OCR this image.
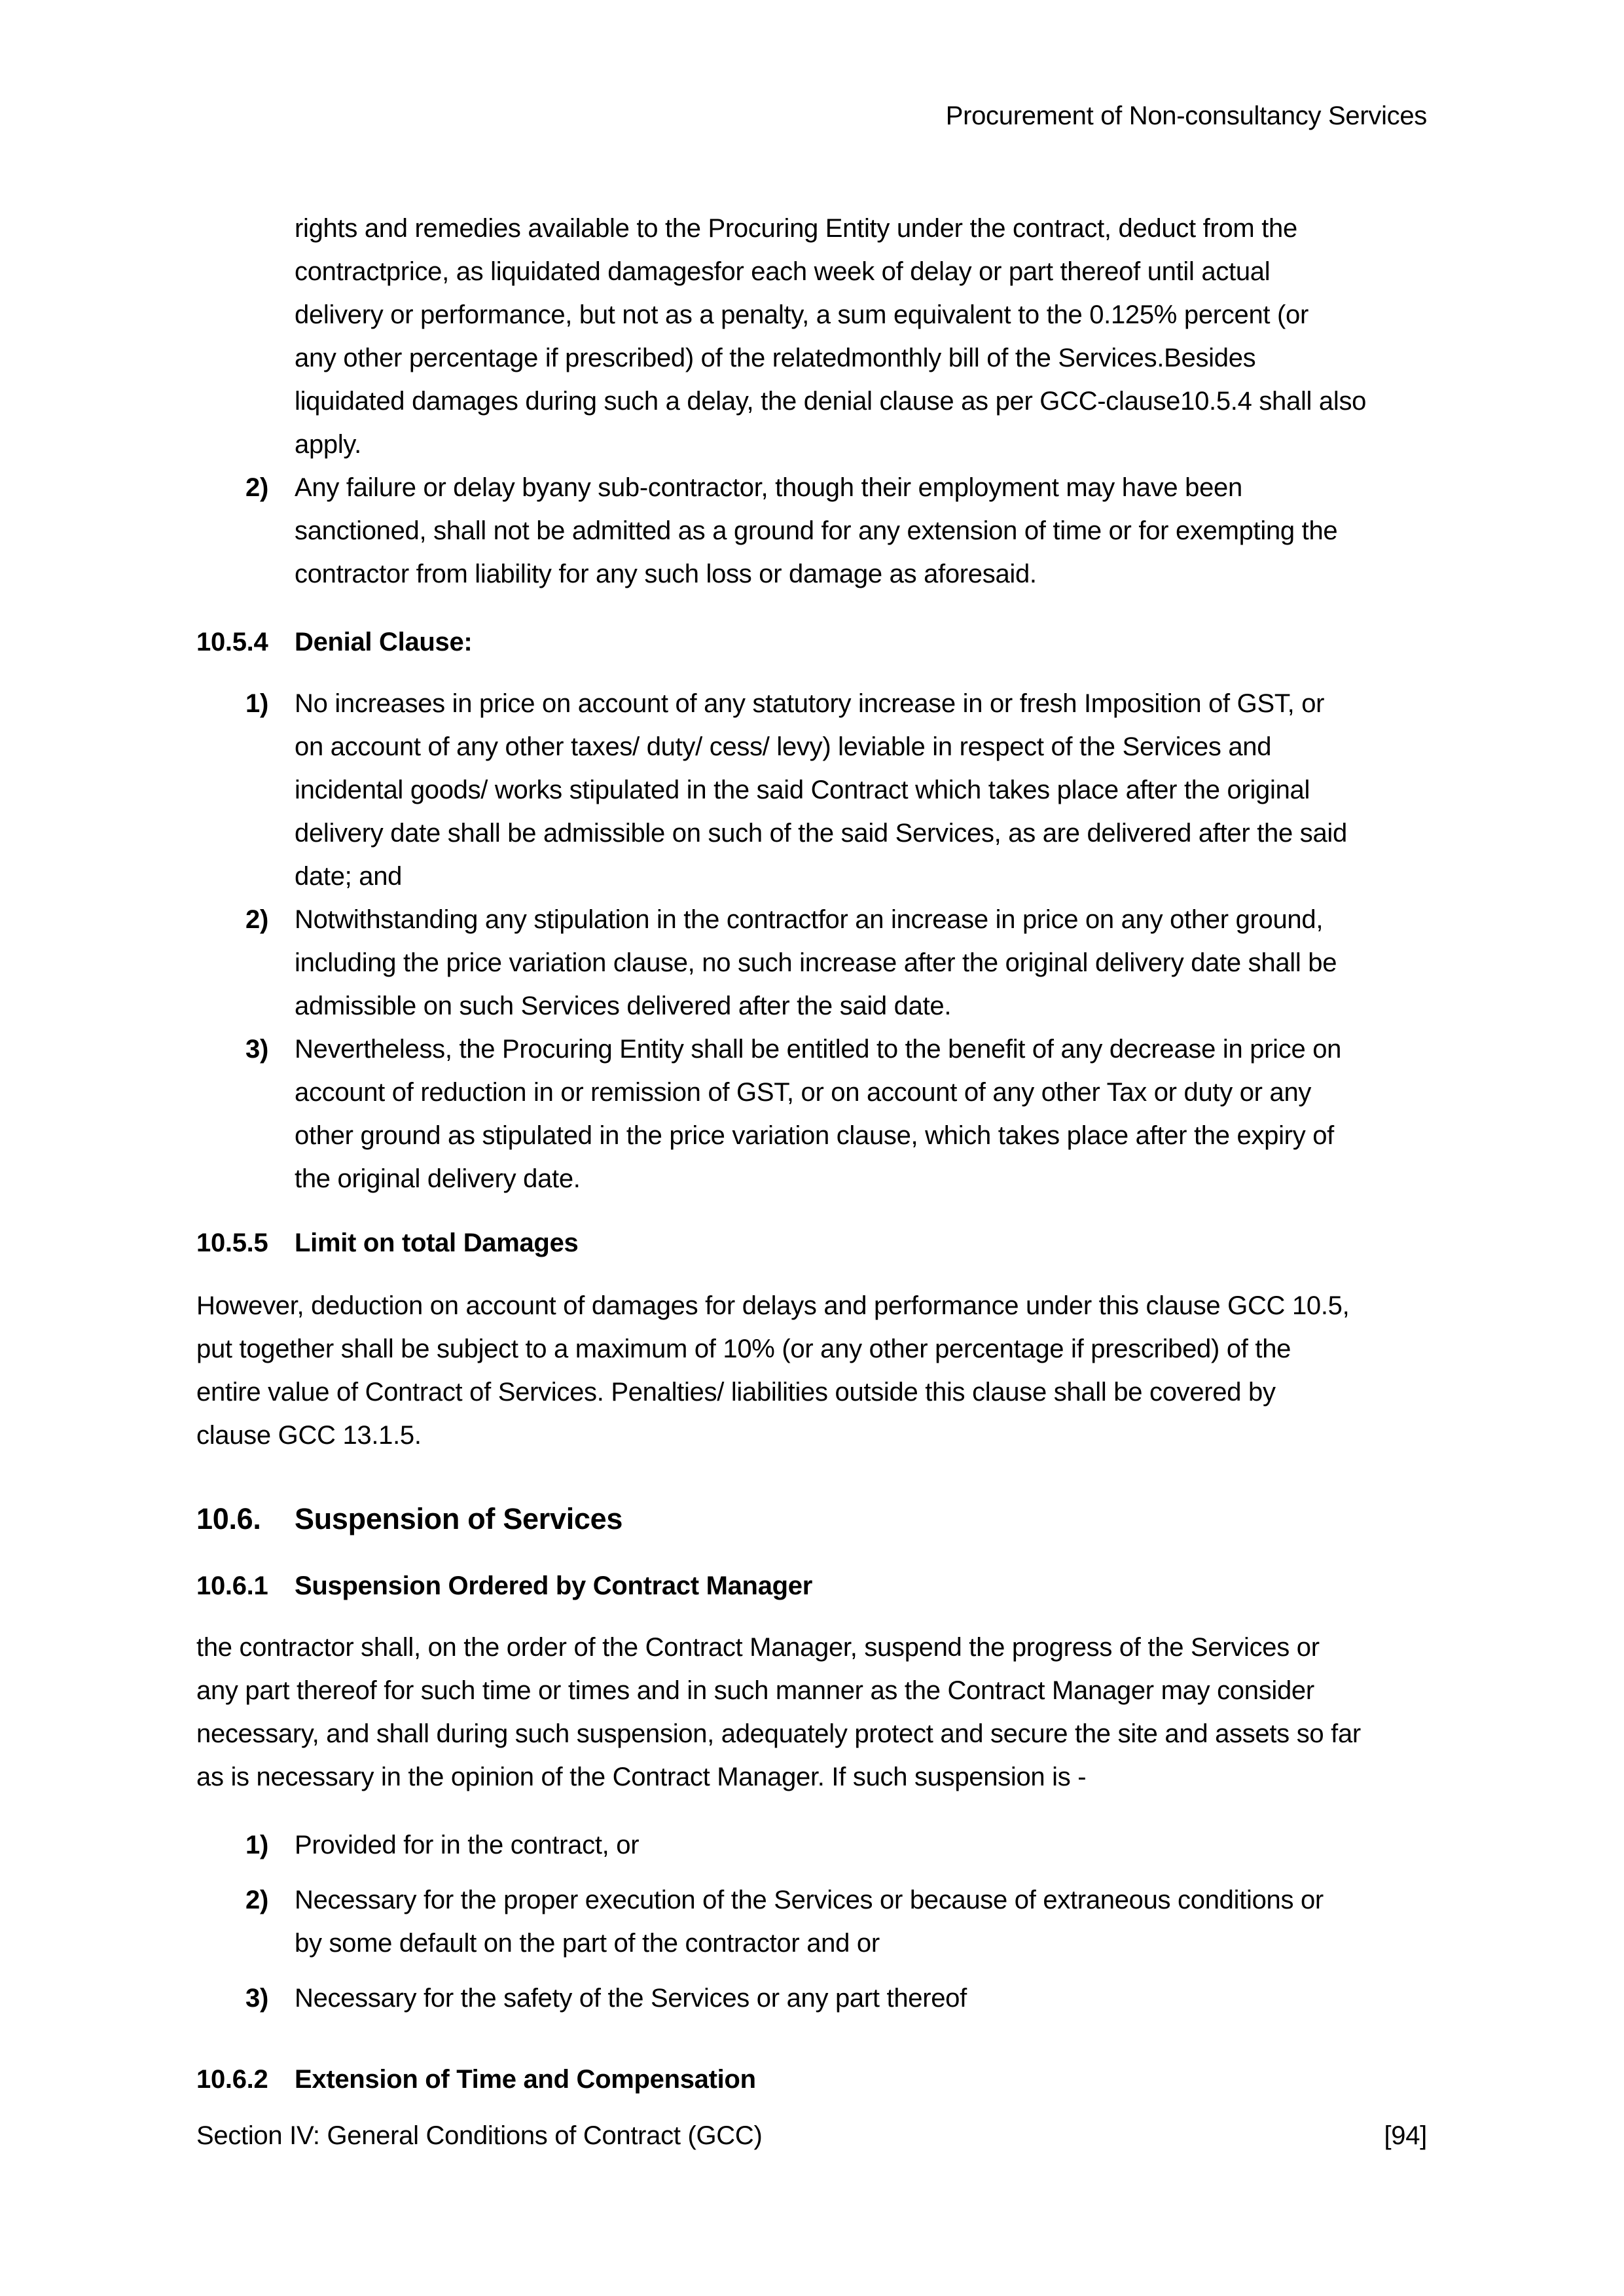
Procurement of Non-consultancy Services
rights and remedies available to the Procuring Entity under the contract, deduct from the
contractprice, as liquidated damagesfor each week of delay or part thereof until actual
delivery or performance, but not as a penalty, a sum equivalent to the 0.125% percent (or
any other percentage if prescribed) of the relatedmonthly bill of the Services.Besides
liquidated damages during such a delay, the denial clause as per GCC-clause10.5.4 shall also
apply.
2) Any failure or delay byany sub-contractor, though their employment may have been
sanctioned, shall not be admitted as a ground for any extension of time or for exempting the
contractor from liability for any such loss or damage as aforesaid.
10.5.4 Denial Clause:
1) No increases in price on account of any statutory increase in or fresh Imposition of GST, or
on account of any other taxes/ duty/ cess/ levy) leviable in respect of the Services and
incidental goods/ works stipulated in the said Contract which takes place after the original
delivery date shall be admissible on such of the said Services, as are delivered after the said
date; and
2) Notwithstanding any stipulation in the contractfor an increase in price on any other ground,
including the price variation clause, no such increase after the original delivery date shall be
admissible on such Services delivered after the said date.
3) Nevertheless, the Procuring Entity shall be entitled to the benefit of any decrease in price on
account of reduction in or remission of GST, or on account of any other Tax or duty or any
other ground as stipulated in the price variation clause, which takes place after the expiry of
the original delivery date.
10.5.5 Limit on total Damages
However, deduction on account of damages for delays and performance under this clause GCC 10.5,
put together shall be subject to a maximum of 10% (or any other percentage if prescribed) of the
entire value of Contract of Services. Penalties/ liabilities outside this clause shall be covered by
clause GCC 13.1.5.
10.6. Suspension of Services
10.6.1 Suspension Ordered by Contract Manager
the contractor shall, on the order of the Contract Manager, suspend the progress of the Services or
any part thereof for such time or times and in such manner as the Contract Manager may consider
necessary, and shall during such suspension, adequately protect and secure the site and assets so far
as is necessary in the opinion of the Contract Manager. If such suspension is -
1) Provided for in the contract, or
2) Necessary for the proper execution of the Services or because of extraneous conditions or
by some default on the part of the contractor and or
3) Necessary for the safety of the Services or any part thereof
10.6.2 Extension of Time and Compensation
Section IV: General Conditions of Contract (GCC)	[94]
